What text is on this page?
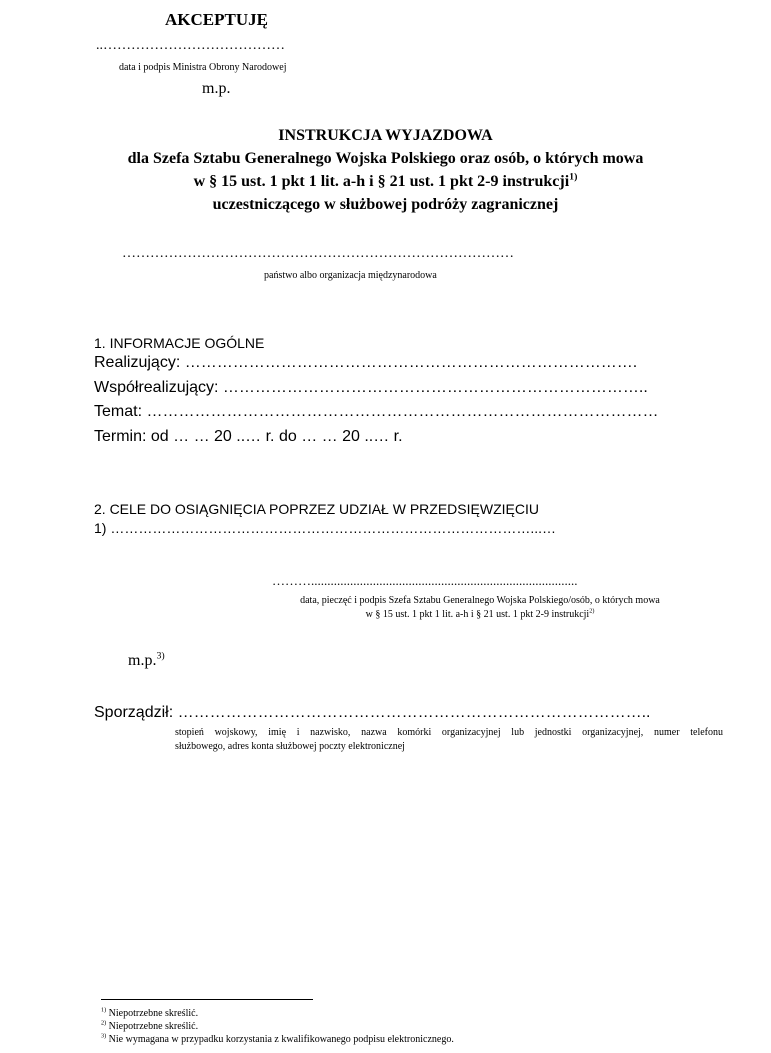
AKCEPTUJĘ
..…………………………………
data i podpis Ministra Obrony Narodowej
m.p.
INSTRUKCJA WYJAZDOWA
dla Szefa Sztabu Generalnego Wojska Polskiego oraz osób, o których mowa
w § 15 ust. 1 pkt 1 lit. a-h i § 21 ust. 1 pkt 2-9 instrukcji$^{1)}$
uczestniczącego w służbowej podróży zagranicznej
…………………………………………………………………………
państwo albo organizacja międzynarodowa
1. INFORMACJE OGÓLNE
Realizujący: ………………………………………………………………………….
Współrealizujący: ……………………………………………………………………..
Temat: ……………………………………………………………………………………
Termin: od … … 20 ..… r. do … … 20 ..… r.
2. CELE DO OSIĄGNIĘCIA POPRZEZ UDZIAŁ W PRZEDSIĘWZIĘCIU
1) ………………………………………………………………………………...…
………..................................................................................
data, pieczęć i podpis Szefa Sztabu Generalnego Wojska Polskiego/osób, o których mowa
w § 15 ust. 1 pkt 1 lit. a-h i § 21 ust. 1 pkt 2-9 instrukcji$^{2)}$
m.p.$^{3)}$
Sporządził: ……………………………………………………………………………..
stopień wojskowy, imię i nazwisko, nazwa komórki organizacyjnej lub jednostki organizacyjnej, numer telefonu
służbowego, adres konta służbowej poczty elektronicznej
$^{1)}$ Niepotrzebne skreślić.
$^{2)}$ Niepotrzebne skreślić.
$^{3)}$ Nie wymagana w przypadku korzystania z kwalifikowanego podpisu elektronicznego.
